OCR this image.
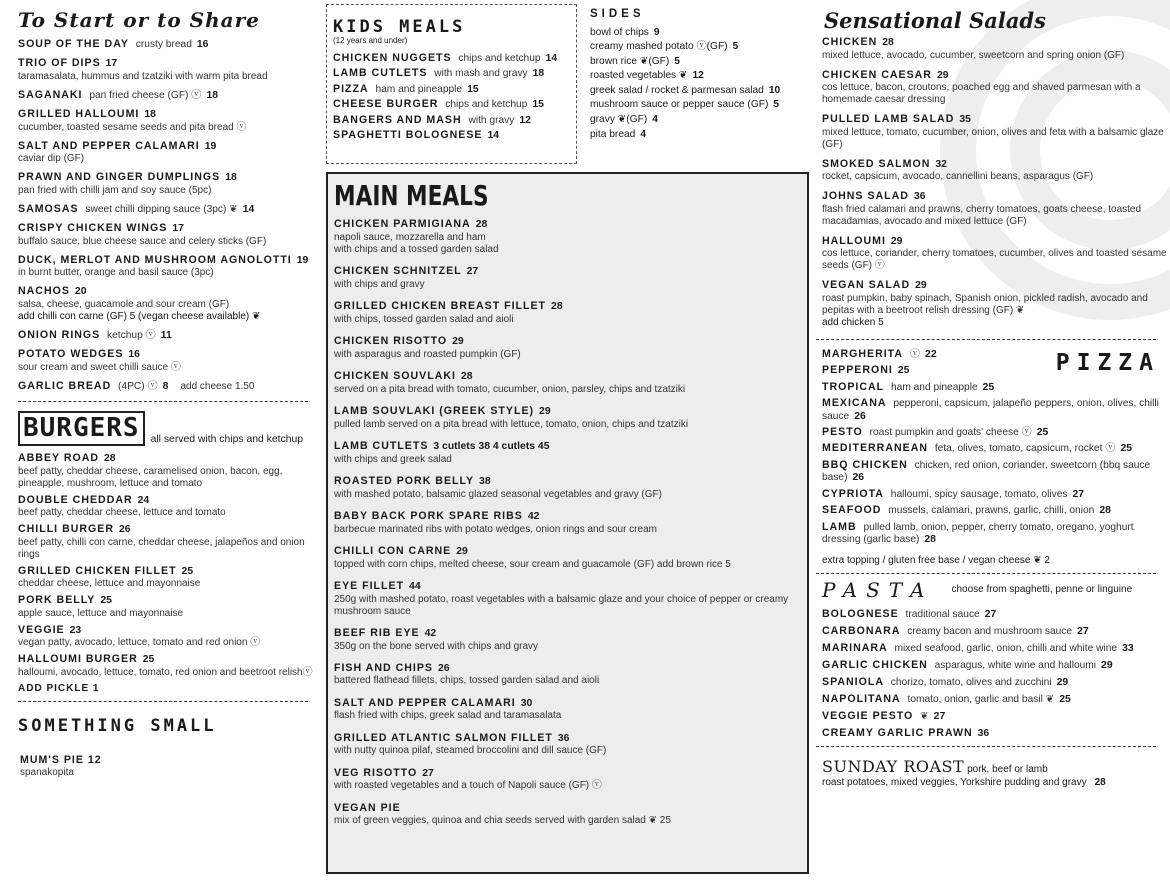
To Start or to Share
SOUP OF THE DAY crusty bread 16
TRIO OF DIPS 17
taramasalata, hummus and tzatziki with warm pita bread
SAGANAKI pan fried cheese (GF) ⓥ 18
GRILLED HALLOUMI 18
cucumber, toasted sesame seeds and pita bread ⓥ
SALT AND PEPPER CALAMARI 19
caviar dip (GF)
PRAWN AND GINGER DUMPLINGS 18
pan fried with chilli jam and soy sauce (5pc)
SAMOSAS sweet chilli dipping sauce (3pc) ❦ 14
CRISPY CHICKEN WINGS 17
buffalo sauce, blue cheese sauce and celery sticks (GF)
DUCK, MERLOT AND MUSHROOM AGNOLOTTI 19
in burnt butter, orange and basil sauce (3pc)
NACHOS 20
salsa, cheese, guacamole and sour cream (GF)
add chilli con carne (GF) 5 (vegan cheese available) ❦
ONION RINGS ketchup ⓥ 11
POTATO WEDGES 16
sour cream and sweet chilli sauce ⓥ
GARLIC BREAD (4PC) ⓥ 8 add cheese 1.50
BURGERS	all served with chips and ketchup
ABBEY ROAD 28
beef patty, cheddar cheese, caramelised onion, bacon, egg, pineapple, mushroom, lettuce and tomato
DOUBLE CHEDDAR 24
beef patty, cheddar cheese, lettuce and tomato
CHILLI BURGER 26
beef patty, chilli con carne, cheddar cheese, jalapeños and onion rings
GRILLED CHICKEN FILLET 25
cheddar cheese, lettuce and mayonnaise
PORK BELLY 25
apple sauce, lettuce and mayonnaise
VEGGIE 23
vegan patty, avocado, lettuce, tomato and red onion ⓥ
HALLOUMI BURGER 25
halloumi, avocado, lettuce, tomato, red onion and beetroot relishⓥ
ADD PICKLE 1
SOMETHING SMALL
MUM'S PIE 12
spanakopita
KIDS MEALS
(12 years and under)
CHICKEN NUGGETS chips and ketchup 14
LAMB CUTLETS with mash and gravy 18
PIZZA ham and pineapple 15
CHEESE BURGER chips and ketchup 15
BANGERS AND MASH with gravy 12
SPAGHETTI BOLOGNESE 14
SIDES
bowl of chips 9
creamy mashed potato ⓥ(GF) 5
brown rice ❦(GF) 5
roasted vegetables ❦ 12
greek salad / rocket & parmesan salad 10
mushroom sauce or pepper sauce (GF) 5
gravy ❦(GF) 4
pita bread 4
MAIN MEALS
CHICKEN PARMIGIANA 28
napoli sauce, mozzarella and ham
with chips and a tossed garden salad
CHICKEN SCHNITZEL 27
with chips and gravy
GRILLED CHICKEN BREAST FILLET 28
with chips, tossed garden salad and aioli
CHICKEN RISOTTO 29
with asparagus and roasted pumpkin (GF)
CHICKEN SOUVLAKI 28
served on a pita bread with tomato, cucumber, onion, parsley, chips and tzatziki
LAMB SOUVLAKI (GREEK STYLE) 29
pulled lamb served on a pita bread with lettuce, tomato, onion, chips and tzatziki
LAMB CUTLETS 3 cutlets 38 4 cutlets 45
with chips and greek salad
ROASTED PORK BELLY 38
with mashed potato, balsamic glazed seasonal vegetables and gravy (GF)
BABY BACK PORK SPARE RIBS 42
barbecue marinated ribs with potato wedges, onion rings and sour cream
CHILLI CON CARNE 29
topped with corn chips, melted cheese, sour cream and guacamole (GF) add brown rice 5
EYE FILLET 44
250g with mashed potato, roast vegetables with a balsamic glaze and your choice of pepper or creamy mushroom sauce
BEEF RIB EYE 42
350g on the bone served with chips and gravy
FISH AND CHIPS 26
battered flathead fillets, chips, tossed garden salad and aioli
SALT AND PEPPER CALAMARI 30
flash fried with chips, greek salad and taramasalata
GRILLED ATLANTIC SALMON FILLET 36
with nutty quinoa pilaf, steamed broccolini and dill sauce (GF)
VEG RISOTTO 27
with roasted vegetables and a touch of Napoli sauce (GF) ⓥ
VEGAN PIE
mix of green veggies, quinoa and chia seeds served with garden salad ❦ 25
Sensational Salads
CHICKEN 28
mixed lettuce, avocado, cucumber, sweetcorn and spring onion (GF)
CHICKEN CAESAR 29
cos lettuce, bacon, croutons, poached egg and shaved parmesan with a homemade caesar dressing
PULLED LAMB SALAD 35
mixed lettuce, tomato, cucumber, onion, olives and feta with a balsamic glaze (GF)
SMOKED SALMON 32
rocket, capsicum, avocado, cannellini beans, asparagus (GF)
JOHNS SALAD 36
flash fried calamari and prawns, cherry tomatoes, goats cheese, toasted macadamias, avocado and mixed lettuce (GF)
HALLOUMI 29
cos lettuce, coriander, cherry tomatoes, cucumber, olives and toasted sesame seeds (GF) ⓥ
VEGAN SALAD 29
roast pumpkin, baby spinach, Spanish onion, pickled radish, avocado and pepitas with a beetroot relish dressing (GF) ❦
add chicken 5
PIZZA
MARGHERITA ⓥ 22
PEPPERONI 25
TROPICAL ham and pineapple 25
MEXICANA pepperoni, capsicum, jalapeño peppers, onion, olives, chilli sauce 26
PESTO roast pumpkin and goats' cheese ⓥ 25
MEDITERRANEAN feta, olives, tomato, capsicum, rocket ⓥ 25
BBQ CHICKEN chicken, red onion, coriander, sweetcorn (bbq sauce base) 26
CYPRIOTA halloumi, spicy sausage, tomato, olives 27
SEAFOOD mussels, calamari, prawns, garlic, chilli, onion 28
LAMB pulled lamb, onion, pepper, cherry tomato, oregano, yoghurt dressing (garlic base) 28
extra topping / gluten free base / vegan cheese ❦ 2
PASTA choose from spaghetti, penne or linguine
BOLOGNESE traditional sauce 27
CARBONARA creamy bacon and mushroom sauce 27
MARINARA mixed seafood, garlic, onion, chilli and white wine 33
GARLIC CHICKEN asparagus, white wine and halloumi 29
SPANIOLA chorizo, tomato, olives and zucchini 29
NAPOLITANA tomato, onion, garlic and basil ❦ 25
VEGGIE PESTO ❦ 27
CREAMY GARLIC PRAWN 36
SUNDAY ROAST pork, beef or lamb
roast potatoes, mixed veggies, Yorkshire pudding and gravy 28
